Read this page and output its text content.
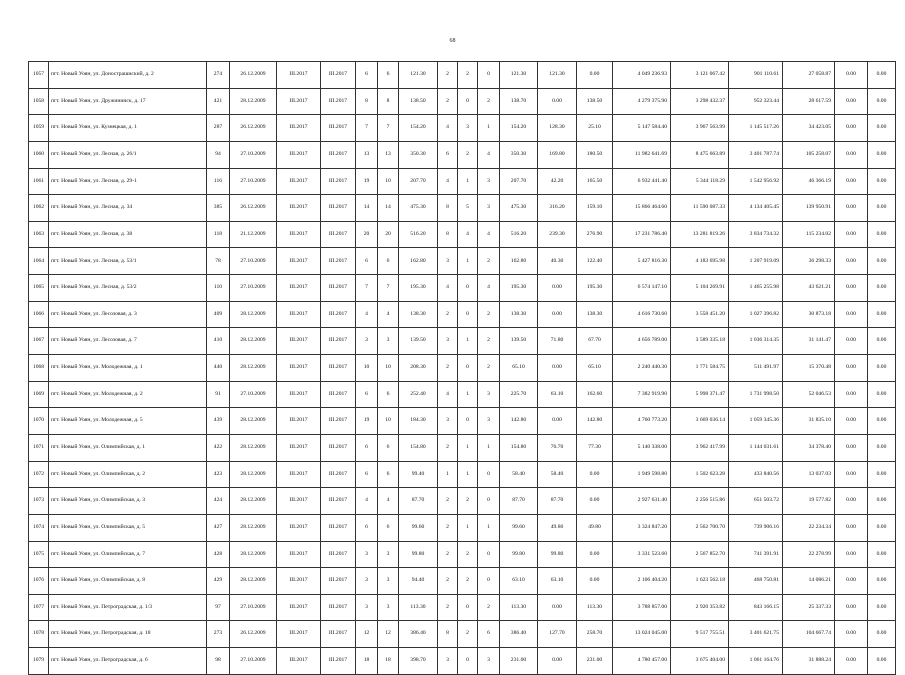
68
1057	пгт. Новый Уоян, ул. Донострашиский, д. 2	274	26.12.2009	III.2017	III.2017	6	6	121.30	2	2	0	121.30	121.30	0.00	4 049 236.93	3 121 067.42	901 110.61	27 058.87	0.00	0.00
1058	пгт. Новый Уоян, ул. Дружининск, д. 17	421	28.12.2009	III.2017	III.2017	8	8	138.50	2	0	2	138.70	0.00	138.50	4 279 375.90	3 298 432.37	952 323.44	28 617.59	0.00	0.00
1059	пгт. Новый Уоян, ул. Кузнецкая, д. 1	287	26.12.2009	III.2017	III.2017	7	7	154.20	4	3	1	154.20	128.30	25.10	5 147 584.40	3 967 563.99	1 145 517.26	34 423.05	0.00	0.00
1060	пгт. Новый Уоян, ул. Лесная, д. 26/1	94	27.10.2009	III.2017	III.2017	13	13	350.30	6	2	4	350.30	169.80	180.50	11 982 641.69	8 475 663.89	3 401 787.74	105 258.07	0.00	0.00
1061	пгт. Новый Уоян, ул. Лесная, д. 29-1	116	27.10.2009	III.2017	III.2017	19	10	207.70	4	1	3	207.70	42.20	165.50	6 932 441.40	5 344 118.29	1 542 956.92	46 366.19	0.00	0.00
1062	пгт. Новый Уоян, ул. Лесная, д. 34	385	26.12.2009	III.2017	III.2017	14	14	475.30	8	5	3	475.30	316.20	159.10	15 866 464.60	11 590 087.33	4 134 405.45	139 950.91	0.00	0.00
1063	пгт. Новый Уоян, ул. Лесная, д. 38	118	21.12.2009	III.2017	III.2017	20	20	516.20	8	4	4	516.20	239.30	276.90	17 231 786.40	13 281 819.26	3 834 734.32	115 234.02	0.00	0.00
1064	пгт. Новый Уоян, ул. Лесная, д. 53/1	78	27.10.2009	III.2017	III.2017	6	6	162.80	3	1	2	162.80	40.30	122.40	5 427 816.30	4 183 695.98	1 207 919.09	36 298.33	0.00	0.00
1065	пгт. Новый Уоян, ул. Лесная, д. 53/2	110	27.10.2009	III.2017	III.2017	7	7	195.30	4	0	4	195.30	0.00	195.30	6 574 147.10	5 104 269.91	1 465 255.98	43 621.21	0.00	0.00
1066	пгт. Новый Уоян, ул. Лесозовая, д. 3	409	28.12.2009	III.2017	III.2017	4	4	138.30	2	0	2	138.30	0.00	138.30	4 616 730.60	3 558 451.20	1 027 396.82	30 873.18	0.00	0.00
1067	пгт. Новый Уоян, ул. Лесозовая, д. 7	410	28.12.2009	III.2017	III.2017	3	3	139.50	3	1	2	139.50	71.80	67.70	4 656 789.00	3 589 335.18	1 036 314.35	31 141.47	0.00	0.00
1068	пгт. Новый Уоян, ул. Молодежная, д. 1	440	28.12.2009	III.2017	III.2017	10	10	208.30	2	0	2	65.10	0.00	65.10	2 240 440.30	1 771 584.75	511 491.97	15 370.48	0.00	0.00
1069	пгт. Новый Уоян, ул. Молодежная, д. 2	91	27.10.2009	III.2017	III.2017	6	6	252.40	4	1	3	225.70	63.10	162.60	7 382 919.90	5 998 371.47	1 731 998.50	52 046.53	0.00	0.00
1070	пгт. Новый Уоян, ул. Молодежная, д. 5	439	28.12.2009	III.2017	III.2017	19	10	184.30	3	0	3	142.80	0.00	142.80	4 760 773.20	3 669 036.14	1 059 345.36	31 835.10	0.00	0.00
1071	пгт. Новый Уоян, ул. Олимпийская, д. 1	422	28.12.2009	III.2017	III.2017	6	6	154.80	2	1	1	154.80	76.70	77.30	5 140 338.00	3 962 417.99	1 144 031.61	34 378.40	0.00	0.00
1072	пгт. Новый Уоян, ул. Олимпийская, д. 2	423	28.12.2009	III.2017	III.2017	6	6	99.40	1	1	0	58.40	58.40	0.00	1 949 598.80	1 502 623.28	433 840.56	13 037.03	0.00	0.00
1073	пгт. Новый Уоян, ул. Олимпийская, д. 3	424	28.12.2009	III.2017	III.2017	4	4	87.70	2	2	0	87.70	87.70	0.00	2 927 631.40	2 256 515.86	651 503.72	19 577.82	0.00	0.00
1074	пгт. Новый Уоян, ул. Олимпийская, д. 5	427	28.12.2009	III.2017	III.2017	6	6	99.60	2	1	1	99.60	49.80	49.80	3 324 847.20	2 562 700.70	739 906.16	22 234.34	0.00	0.00
1075	пгт. Новый Уоян, ул. Олимпийская, д. 7	428	28.12.2009	III.2017	III.2017	3	3	99.80	2	2	0	99.80	99.80	0.00	3 331 523.60	2 567 852.70	741 391.91	22 278.99	0.00	0.00
1076	пгт. Новый Уоян, ул. Олимпийская, д. 8	429	28.12.2009	III.2017	III.2017	3	3	94.40	2	2	0	63.10	63.10	0.00	2 106 404.20	1 623 562.18	468 750.81	14 086.21	0.00	0.00
1077	пгт. Новый Уоян, ул. Петроградская, д. 1/3	97	27.10.2009	III.2017	III.2017	3	3	113.30	2	0	2	113.30	0.00	113.30	3 788 857.00	2 920 353.82	843 166.15	25 337.33	0.00	0.00
1078	пгт. Новый Уоян, ул. Петроградская, д. 18	273	26.12.2009	III.2017	III.2017	12	12	386.40	8	2	6	386.40	127.70	258.70	13 024 045.00	9 517 755.51	3 401 621.75	104 667.74	0.00	0.00
1079	пгт. Новый Уоян, ул. Петроградская, д. 6	98	27.10.2009	III.2017	III.2017	18	18	398.70	3	0	3	231.00	0.00	231.00	4 780 457.00	3 675 404.00	1 061 164.76	31 888.24	0.00	0.00
